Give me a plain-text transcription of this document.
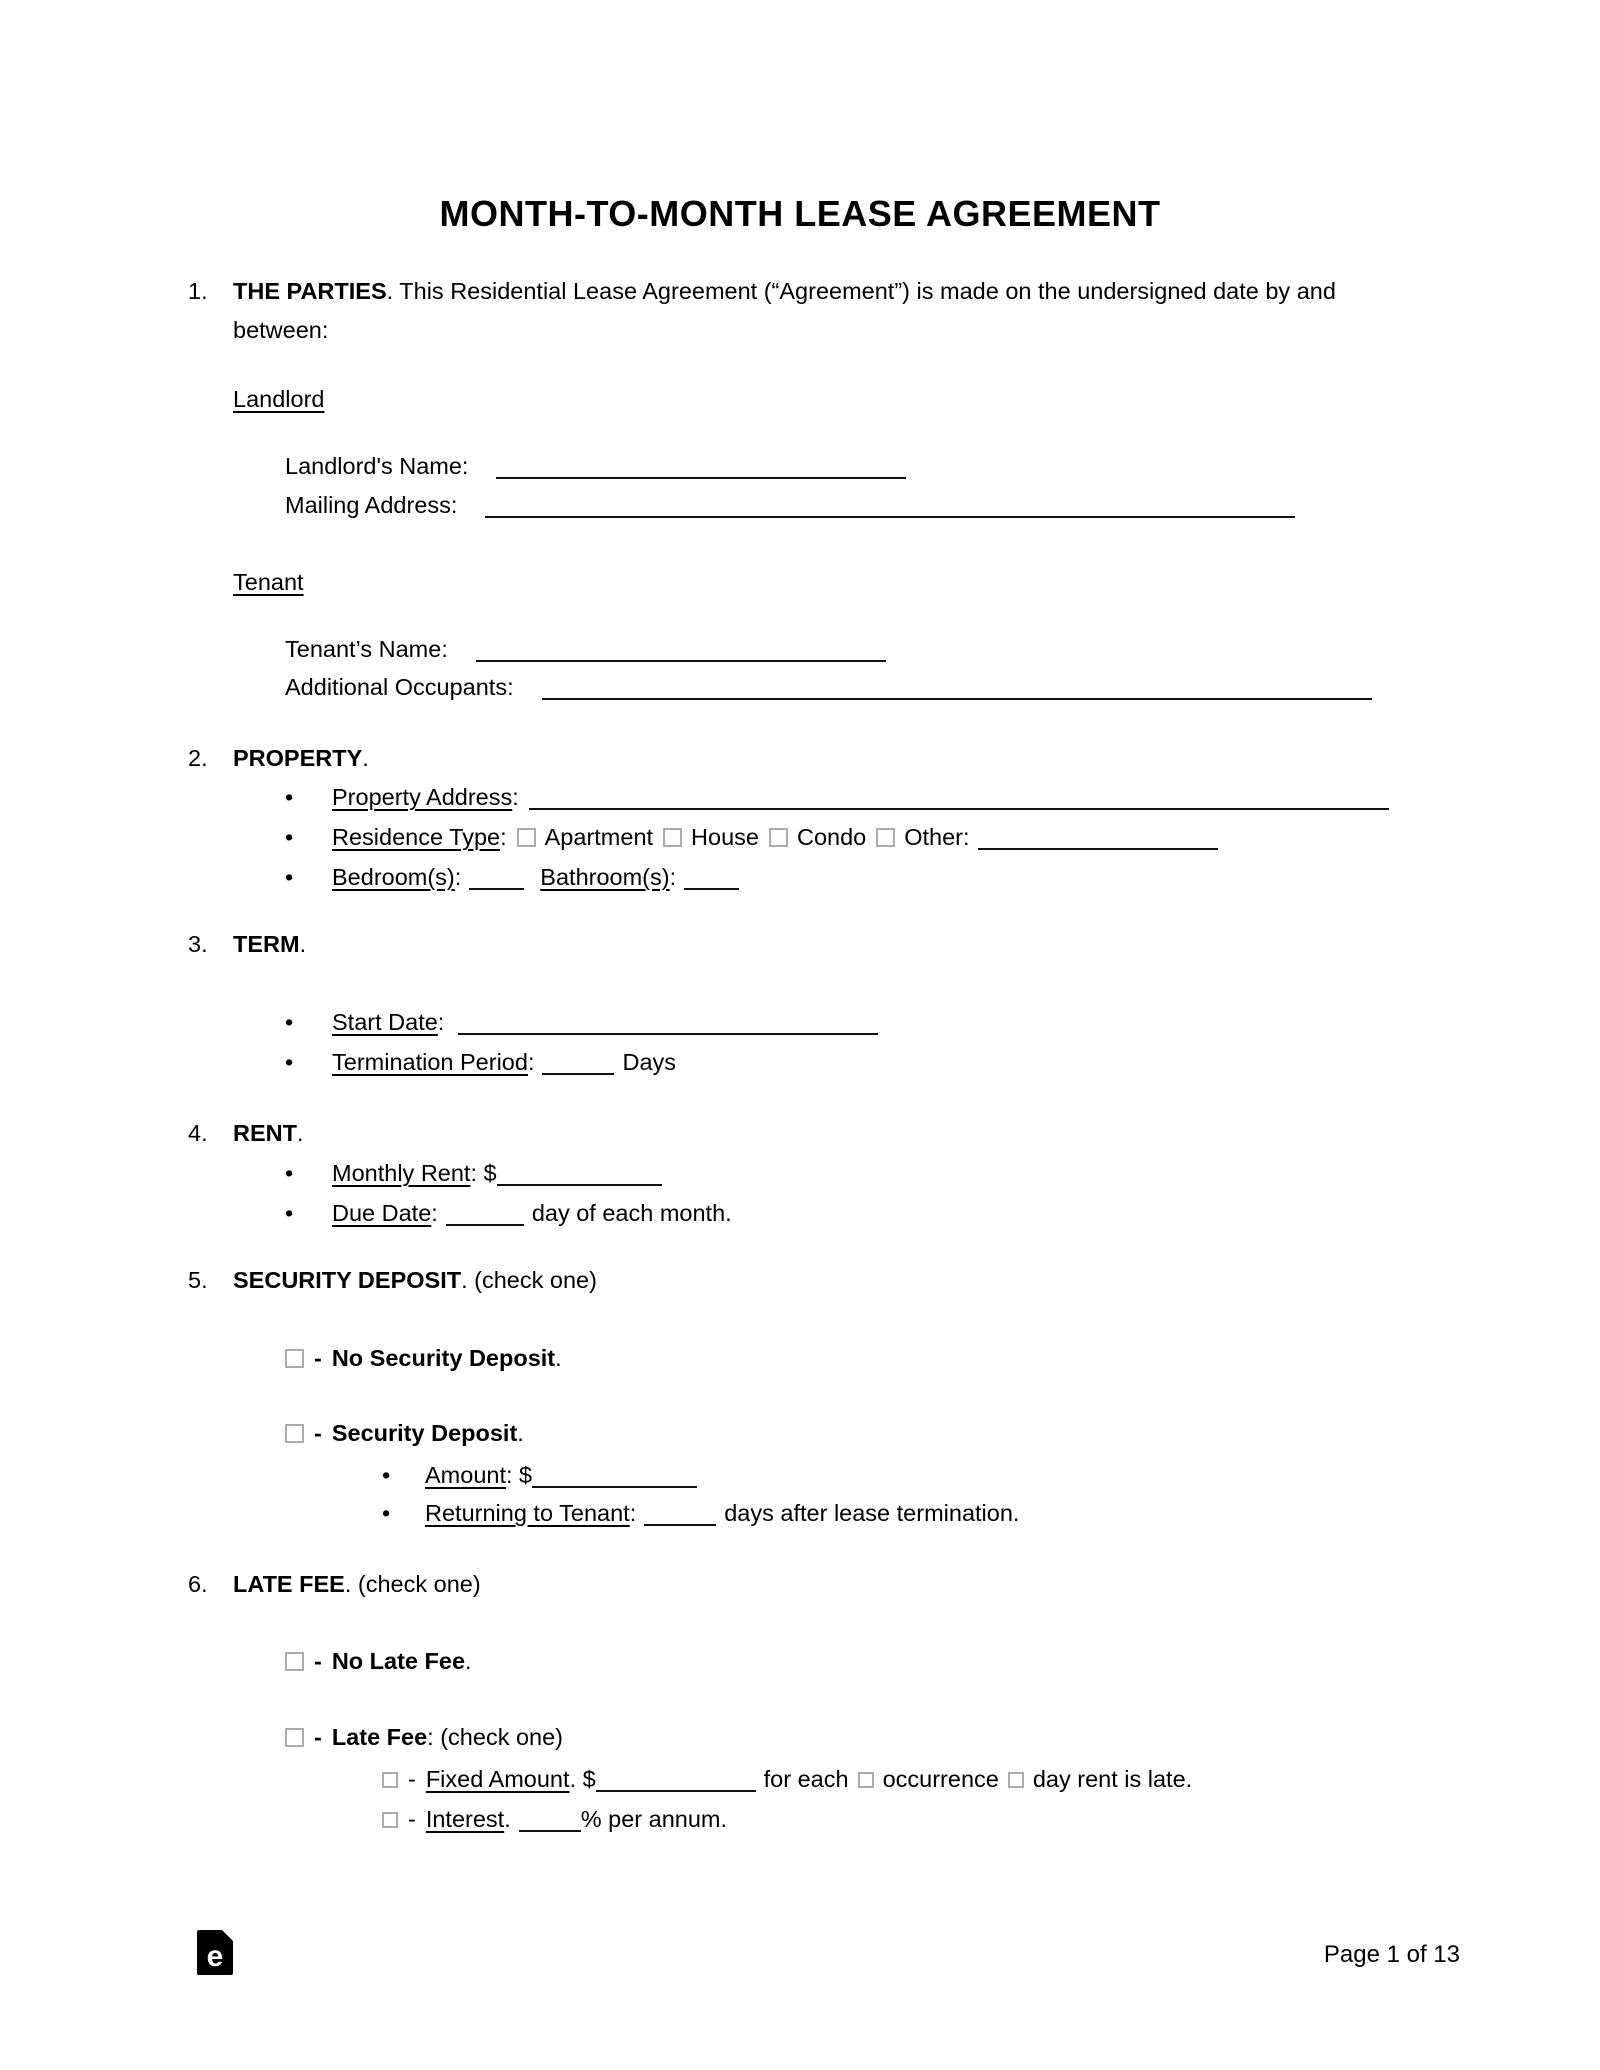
MONTH-TO-MONTH LEASE AGREEMENT
1. THE PARTIES. This Residential Lease Agreement (“Agreement”) is made on the undersigned date by and between:
Landlord
Landlord's Name:
Mailing Address:
Tenant
Tenant’s Name:
Additional Occupants:
2. PROPERTY.
• Property Address:
• Residence Type: Apartment House Condo Other:
• Bedroom(s):	Bathroom(s):
3. TERM.
• Start Date:
• Termination Period:	Days
4. RENT.
• Monthly Rent: $
• Due Date:	day of each month.
5. SECURITY DEPOSIT. (check one)
- No Security Deposit.
- Security Deposit.
• Amount: $
• Returning to Tenant:	days after lease termination.
6. LATE FEE. (check one)
- No Late Fee.
- Late Fee: (check one)
- Fixed Amount. $	for each occurrence day rent is late.
- Interest.	% per annum.
e	Page 1 of 13
